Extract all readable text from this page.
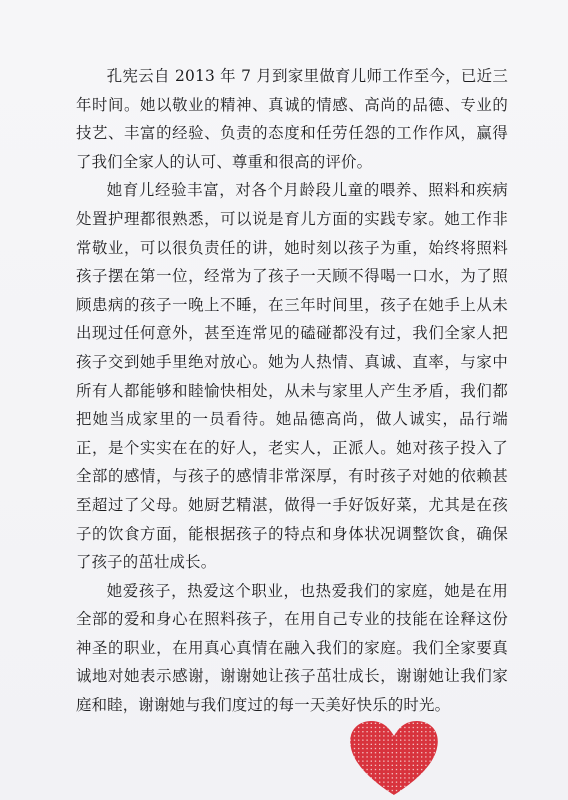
孔宪云自 2013 年 7 月到家里做育儿师工作至今，已近三年时间。她以敬业的精神、真诚的情感、高尚的品德、专业的技艺、丰富的经验、负责的态度和任劳任怨的工作作风，赢得了我们全家人的认可、尊重和很高的评价。

她育儿经验丰富，对各个月龄段儿童的喂养、照料和疾病处置护理都很熟悉，可以说是育儿方面的实践专家。她工作非常敬业，可以很负责任的讲，她时刻以孩子为重，始终将照料孩子摆在第一位，经常为了孩子一天顾不得喝一口水，为了照顾患病的孩子一晚上不睡，在三年时间里，孩子在她手上从未出现过任何意外，甚至连常见的磕碰都没有过，我们全家人把孩子交到她手里绝对放心。她为人热情、真诚、直率，与家中所有人都能够和睦愉快相处，从未与家里人产生矛盾，我们都把她当成家里的一员看待。她品德高尚，做人诚实，品行端正，是个实实在在的好人，老实人，正派人。她对孩子投入了全部的感情，与孩子的感情非常深厚，有时孩子对她的依赖甚至超过了父母。她厨艺精湛，做得一手好饭好菜，尤其是在孩子的饮食方面，能根据孩子的特点和身体状况调整饮食，确保了孩子的茁壮成长。

她爱孩子，热爱这个职业，也热爱我们的家庭，她是在用全部的爱和身心在照料孩子，在用自己专业的技能在诠释这份神圣的职业，在用真心真情在融入我们的家庭。我们全家要真诚地对她表示感谢，谢谢她让孩子茁壮成长，谢谢她让我们家庭和睦，谢谢她与我们度过的每一天美好快乐的时光。
